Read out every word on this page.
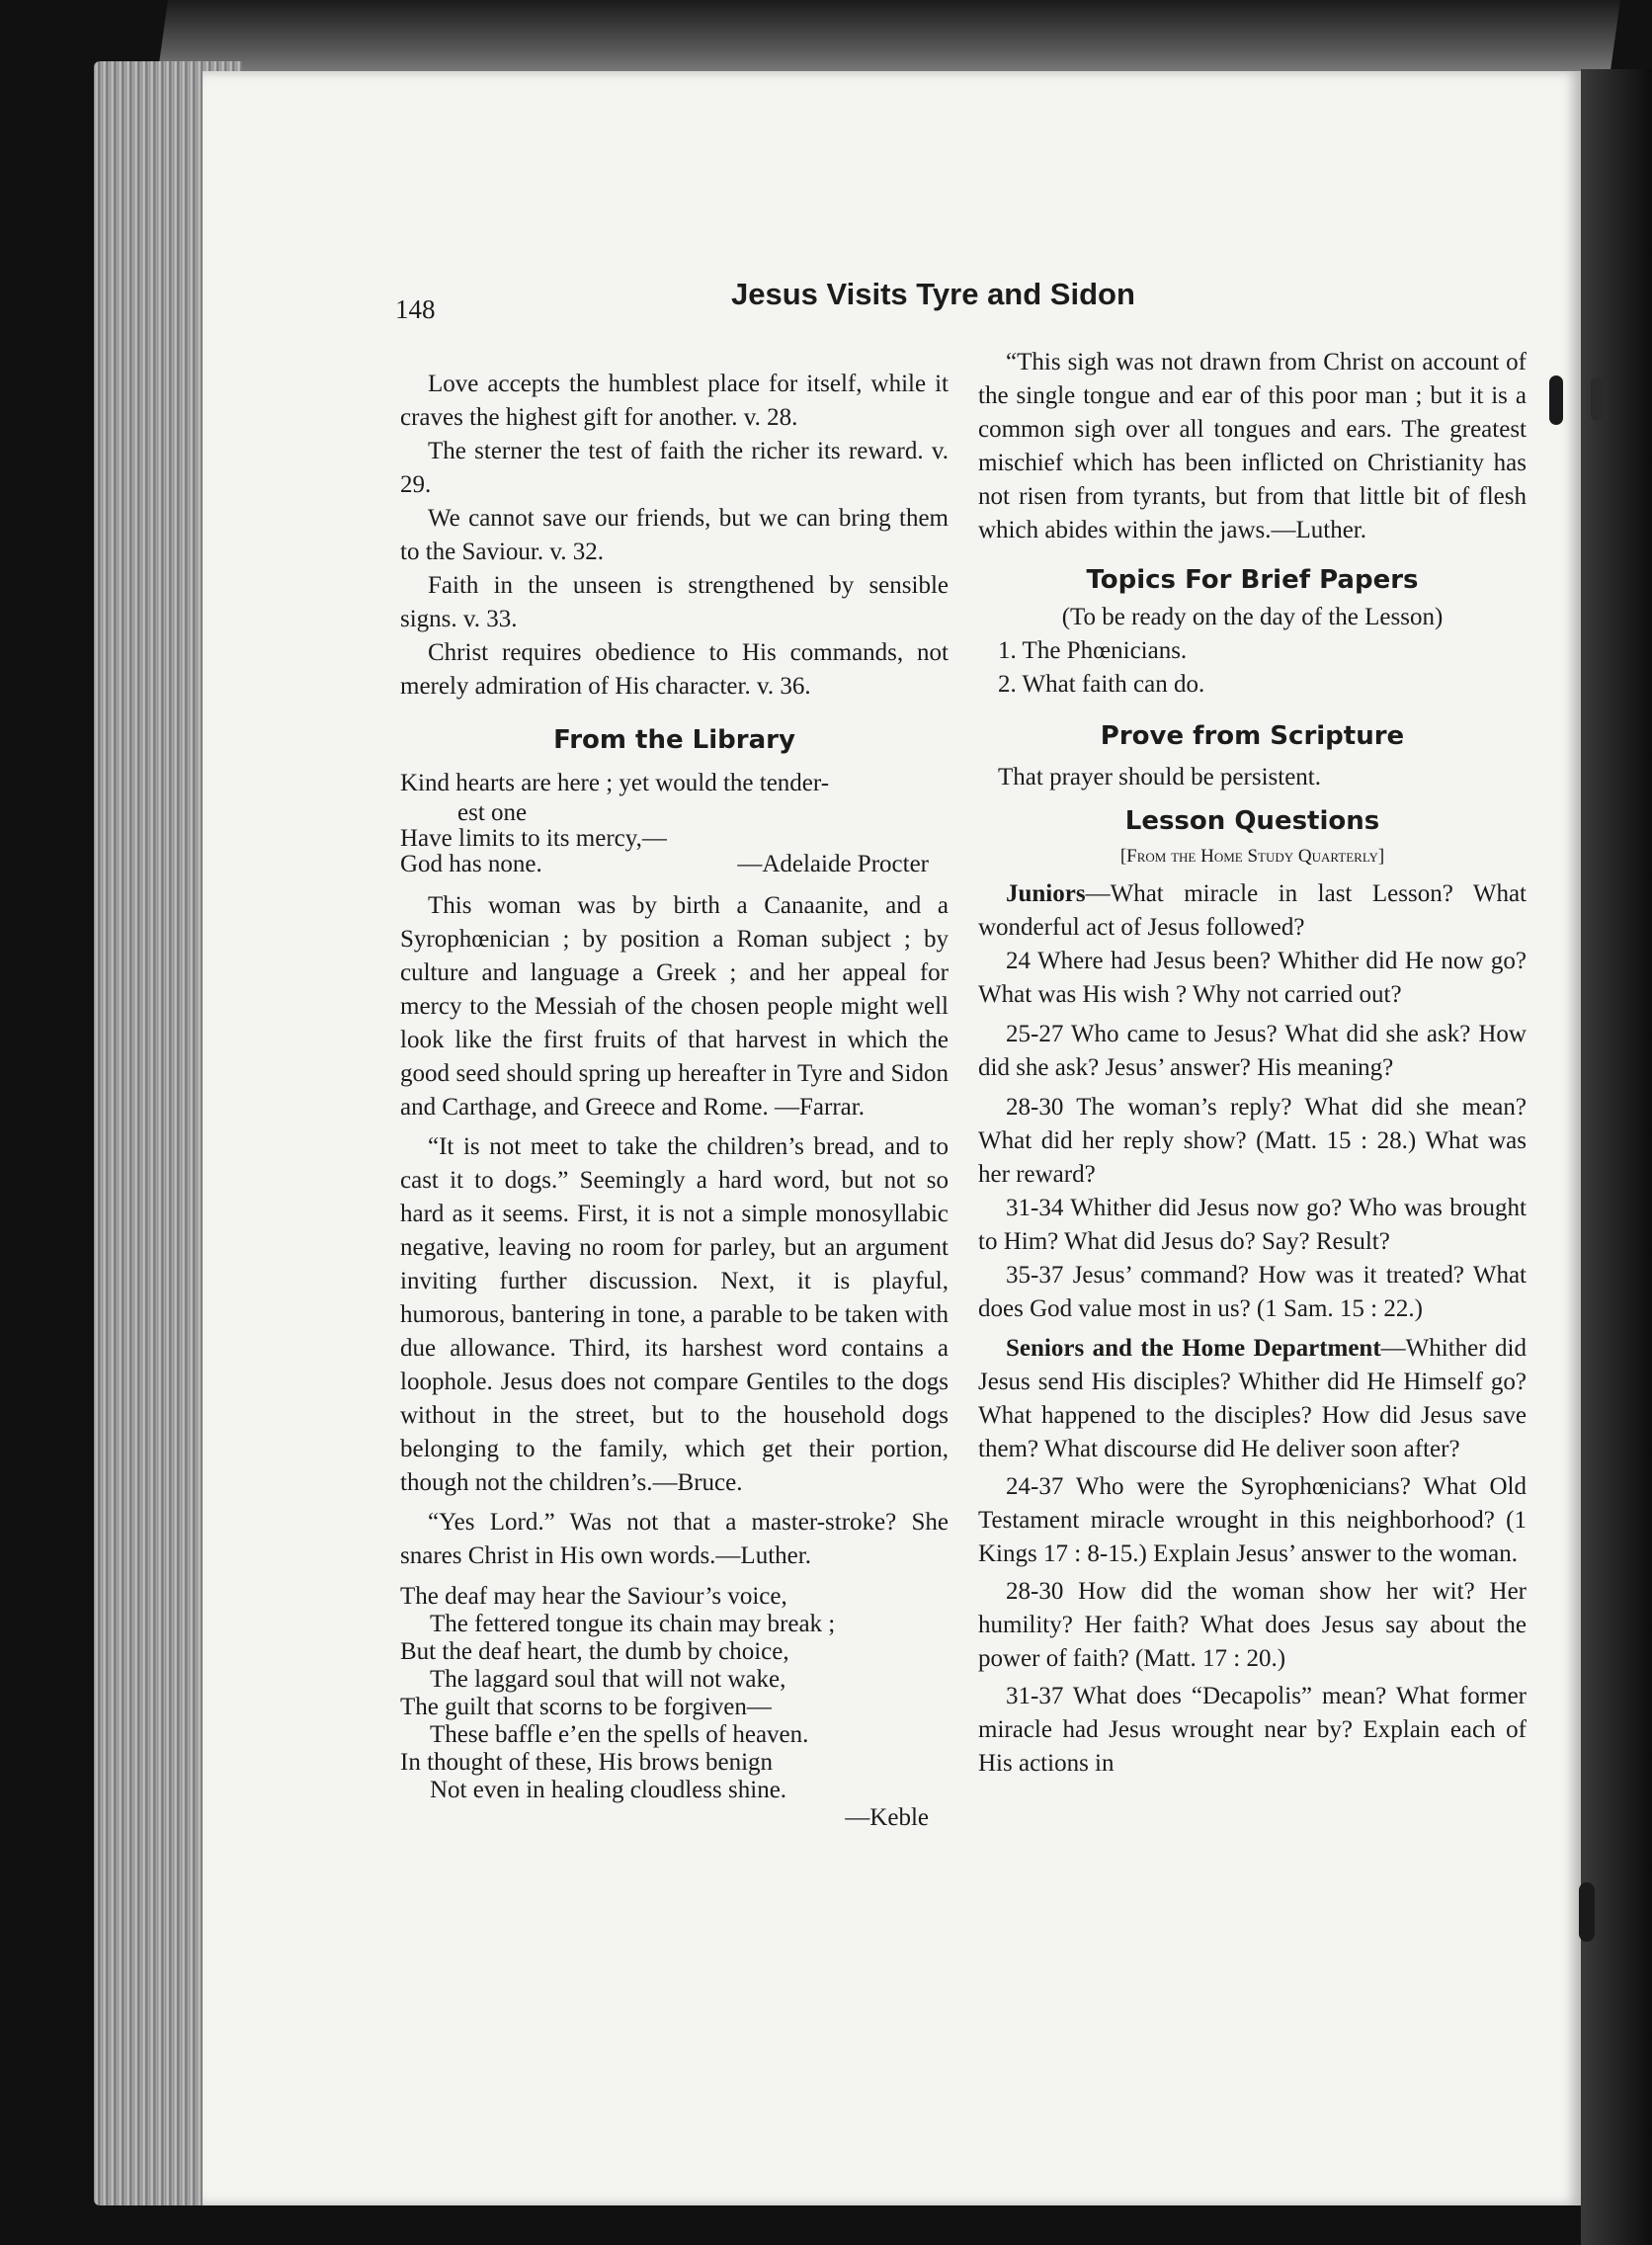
148	Jesus Visits Tyre and Sidon

Love accepts the humblest place for itself, while it craves the highest gift for another. v. 28.

The sterner the test of faith the richer its reward. v. 29.

We cannot save our friends, but we can bring them to the Saviour. v. 32.

Faith in the unseen is strengthened by sensible signs. v. 33.

Christ requires obedience to His commands, not merely admiration of His character. v. 36.

From the Library

Kind hearts are here ; yet would the tender-

est one

Have limits to its mercy,—

God has none.	—Adelaide Procter

This woman was by birth a Canaanite, and a Syrophœnician ; by position a Roman subject ; by culture and language a Greek ; and her appeal for mercy to the Messiah of the chosen people might well look like the first fruits of that harvest in which the good seed should spring up hereafter in Tyre and Sidon and Carthage, and Greece and Rome. —Farrar.

“It is not meet to take the children’s bread, and to cast it to dogs.” Seemingly a hard word, but not so hard as it seems. First, it is not a simple monosyllabic negative, leaving no room for parley, but an argument inviting further discussion. Next, it is playful, humorous, bantering in tone, a parable to be taken with due allowance. Third, its harshest word contains a loophole. Jesus does not compare Gentiles to the dogs without in the street, but to the household dogs belonging to the family, which get their portion, though not the children’s.—Bruce.

“Yes Lord.” Was not that a master-stroke? She snares Christ in His own words.—Luther.

The deaf may hear the Saviour’s voice,

The fettered tongue its chain may break ;

But the deaf heart, the dumb by choice,

The laggard soul that will not wake,

The guilt that scorns to be forgiven—

These baffle e’en the spells of heaven.

In thought of these, His brows benign

Not even in healing cloudless shine.

—Keble

“This sigh was not drawn from Christ on account of the single tongue and ear of this poor man ; but it is a common sigh over all tongues and ears. The greatest mischief which has been inflicted on Christianity has not risen from tyrants, but from that little bit of flesh which abides within the jaws.—Luther.

Topics For Brief Papers

(To be ready on the day of the Lesson)

1. The Phœnicians.

2. What faith can do.

Prove from Scripture

That prayer should be persistent.

Lesson Questions

[From the Home Study Quarterly]

Juniors—What miracle in last Lesson? What wonderful act of Jesus followed?

24 Where had Jesus been? Whither did He now go? What was His wish ? Why not carried out?

25-27 Who came to Jesus? What did she ask? How did she ask? Jesus’ answer? His meaning?

28-30 The woman’s reply? What did she mean? What did her reply show? (Matt. 15 : 28.) What was her reward?

31-34 Whither did Jesus now go? Who was brought to Him? What did Jesus do? Say? Result?

35-37 Jesus’ command? How was it treated? What does God value most in us? (1 Sam. 15 : 22.)

Seniors and the Home Department—Whither did Jesus send His disciples? Whither did He Himself go? What happened to the disciples? How did Jesus save them? What discourse did He deliver soon after?

24-37 Who were the Syrophœnicians? What Old Testament miracle wrought in this neighborhood? (1 Kings 17 : 8-15.) Explain Jesus’ answer to the woman.

28-30 How did the woman show her wit? Her humility? Her faith? What does Jesus say about the power of faith? (Matt. 17 : 20.)

31-37 What does “Decapolis” mean? What former miracle had Jesus wrought near by? Explain each of His actions in
